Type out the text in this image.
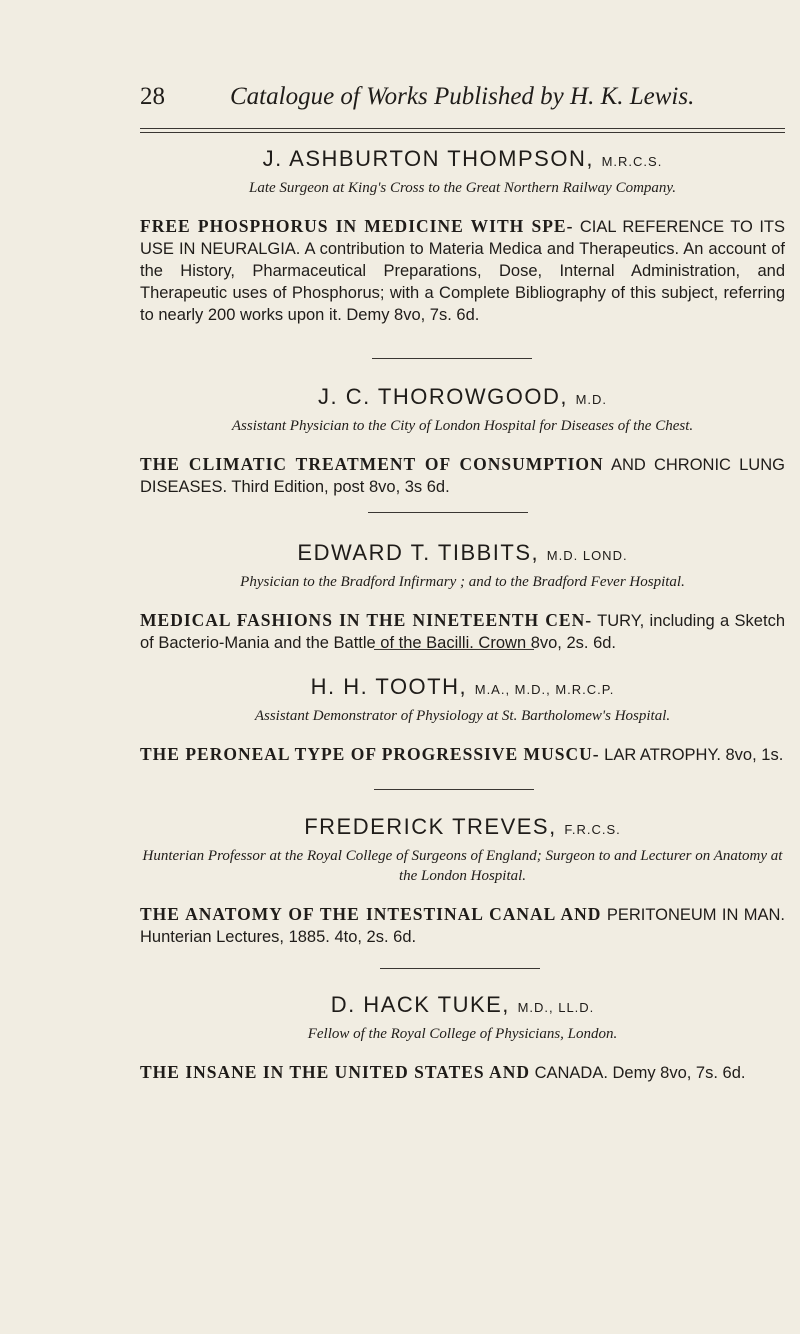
28	Catalogue of Works Published by H. K. Lewis.
J. ASHBURTON THOMPSON, M.R.C.S.
Late Surgeon at King's Cross to the Great Northern Railway Company.
FREE PHOSPHORUS IN MEDICINE WITH SPE- CIAL REFERENCE TO ITS USE IN NEURALGIA. A contribution to Materia Medica and Therapeutics. An account of the History, Pharmaceutical Preparations, Dose, Internal Administration, and Therapeutic uses of Phosphorus; with a Complete Bibliography of this subject, referring to nearly 200 works upon it. Demy 8vo, 7s. 6d.
J. C. THOROWGOOD, M.D.
Assistant Physician to the City of London Hospital for Diseases of the Chest.
THE CLIMATIC TREATMENT OF CONSUMPTION AND CHRONIC LUNG DISEASES. Third Edition, post 8vo, 3s 6d.
EDWARD T. TIBBITS, M.D. LOND.
Physician to the Bradford Infirmary ; and to the Bradford Fever Hospital.
MEDICAL FASHIONS IN THE NINETEENTH CEN- TURY, including a Sketch of Bacterio-Mania and the Battle of the Bacilli. Crown 8vo, 2s. 6d.
H. H. TOOTH, M.A., M.D., M.R.C.P.
Assistant Demonstrator of Physiology at St. Bartholomew's Hospital.
THE PERONEAL TYPE OF PROGRESSIVE MUSCU- LAR ATROPHY. 8vo, 1s.
FREDERICK TREVES, F.R.C.S.
Hunterian Professor at the Royal College of Surgeons of England; Surgeon to and Lecturer on Anatomy at the London Hospital.
THE ANATOMY OF THE INTESTINAL CANAL AND PERITONEUM IN MAN. Hunterian Lectures, 1885. 4to, 2s. 6d.
D. HACK TUKE, M.D., LL.D.
Fellow of the Royal College of Physicians, London.
THE INSANE IN THE UNITED STATES AND CANADA. Demy 8vo, 7s. 6d.
